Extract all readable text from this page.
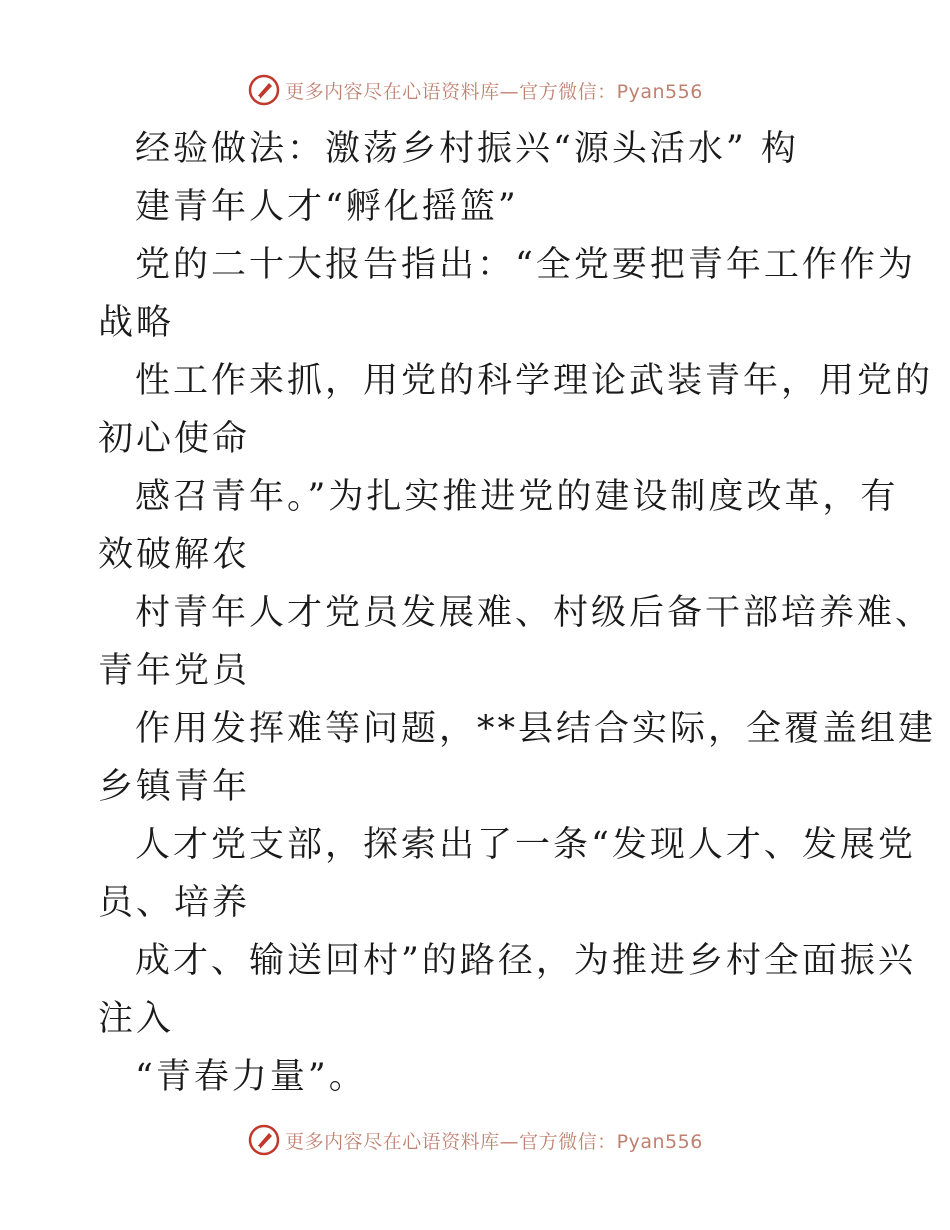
更多内容尽在心语资料库—官方微信：Pyan556
经验做法：激荡乡村振兴“源头活水” 构
建青年人才“孵化摇篮”
党的二十大报告指出：“全党要把青年工作作为
战略
性工作来抓，用党的科学理论武装青年，用党的
初心使命
感召青年。”为扎实推进党的建设制度改革，有
效破解农
村青年人才党员发展难、村级后备干部培养难、
青年党员
作用发挥难等问题，**县结合实际，全覆盖组建
乡镇青年
人才党支部，探索出了一条“发现人才、发展党
员、培养
成才、输送回村”的路径，为推进乡村全面振兴
注入
“青春力量”。
更多内容尽在心语资料库—官方微信：Pyan556
